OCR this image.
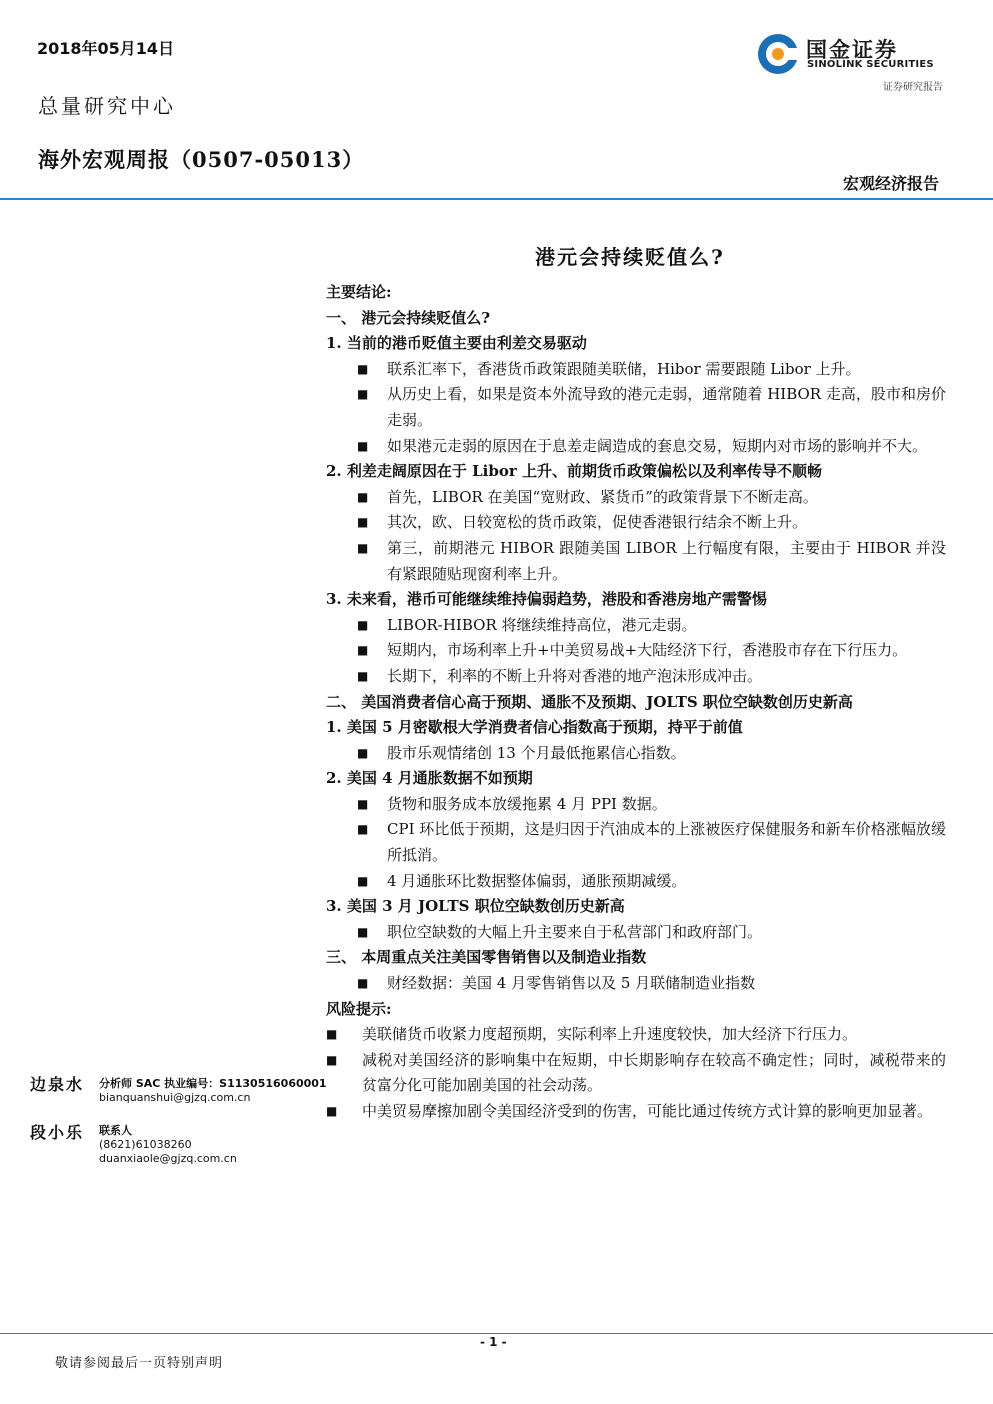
2018年05月14日
总量研究中心
海外宏观周报（0507-05013）
宏观经济报告
国金证券
SINOLINK SECURITIES
证券研究报告
港元会持续贬值么?
主要结论:
一、 港元会持续贬值么?
1. 当前的港币贬值主要由利差交易驱动
■ 联系汇率下，香港货币政策跟随美联储，Hibor 需要跟随 Libor 上升。
■ 从历史上看，如果是资本外流导致的港元走弱，通常随着 HIBOR 走高，股市和房价走弱。
■ 如果港元走弱的原因在于息差走阔造成的套息交易，短期内对市场的影响并不大。
2. 利差走阔原因在于 Libor 上升、前期货币政策偏松以及利率传导不顺畅
■ 首先，LIBOR 在美国“宽财政、紧货币”的政策背景下不断走高。
■ 其次，欧、日较宽松的货币政策，促使香港银行结余不断上升。
■ 第三，前期港元 HIBOR 跟随美国 LIBOR 上行幅度有限，主要由于 HIBOR 并没有紧跟随贴现窗利率上升。
3. 未来看，港币可能继续维持偏弱趋势，港股和香港房地产需警惕
■ LIBOR-HIBOR 将继续维持高位，港元走弱。
■ 短期内，市场利率上升+中美贸易战+大陆经济下行，香港股市存在下行压力。
■ 长期下，利率的不断上升将对香港的地产泡沫形成冲击。
二、 美国消费者信心高于预期、通胀不及预期、JOLTS 职位空缺数创历史新高
1. 美国 5 月密歇根大学消费者信心指数高于预期，持平于前值
■ 股市乐观情绪创 13 个月最低拖累信心指数。
2. 美国 4 月通胀数据不如预期
■ 货物和服务成本放缓拖累 4 月 PPI 数据。
■ CPI 环比低于预期，这是归因于汽油成本的上涨被医疗保健服务和新车价格涨幅放缓所抵消。
■ 4 月通胀环比数据整体偏弱，通胀预期减缓。
3. 美国 3 月 JOLTS 职位空缺数创历史新高
■ 职位空缺数的大幅上升主要来自于私营部门和政府部门。
三、 本周重点关注美国零售销售以及制造业指数
■ 财经数据：美国 4 月零售销售以及 5 月联储制造业指数
风险提示:
■ 美联储货币收紧力度超预期，实际利率上升速度较快，加大经济下行压力。
■ 减税对美国经济的影响集中在短期，中长期影响存在较高不确定性；同时，减税带来的贫富分化可能加剧美国的社会动荡。
■ 中美贸易摩擦加剧令美国经济受到的伤害，可能比通过传统方式计算的影响更加显著。
边泉水 分析师 SAC 执业编号：S1130516060001
bianquanshui@gjzq.com.cn
段小乐 联系人
(8621)61038260
duanxiaole@gjzq.com.cn
- 1 -
敬请参阅最后一页特别声明
